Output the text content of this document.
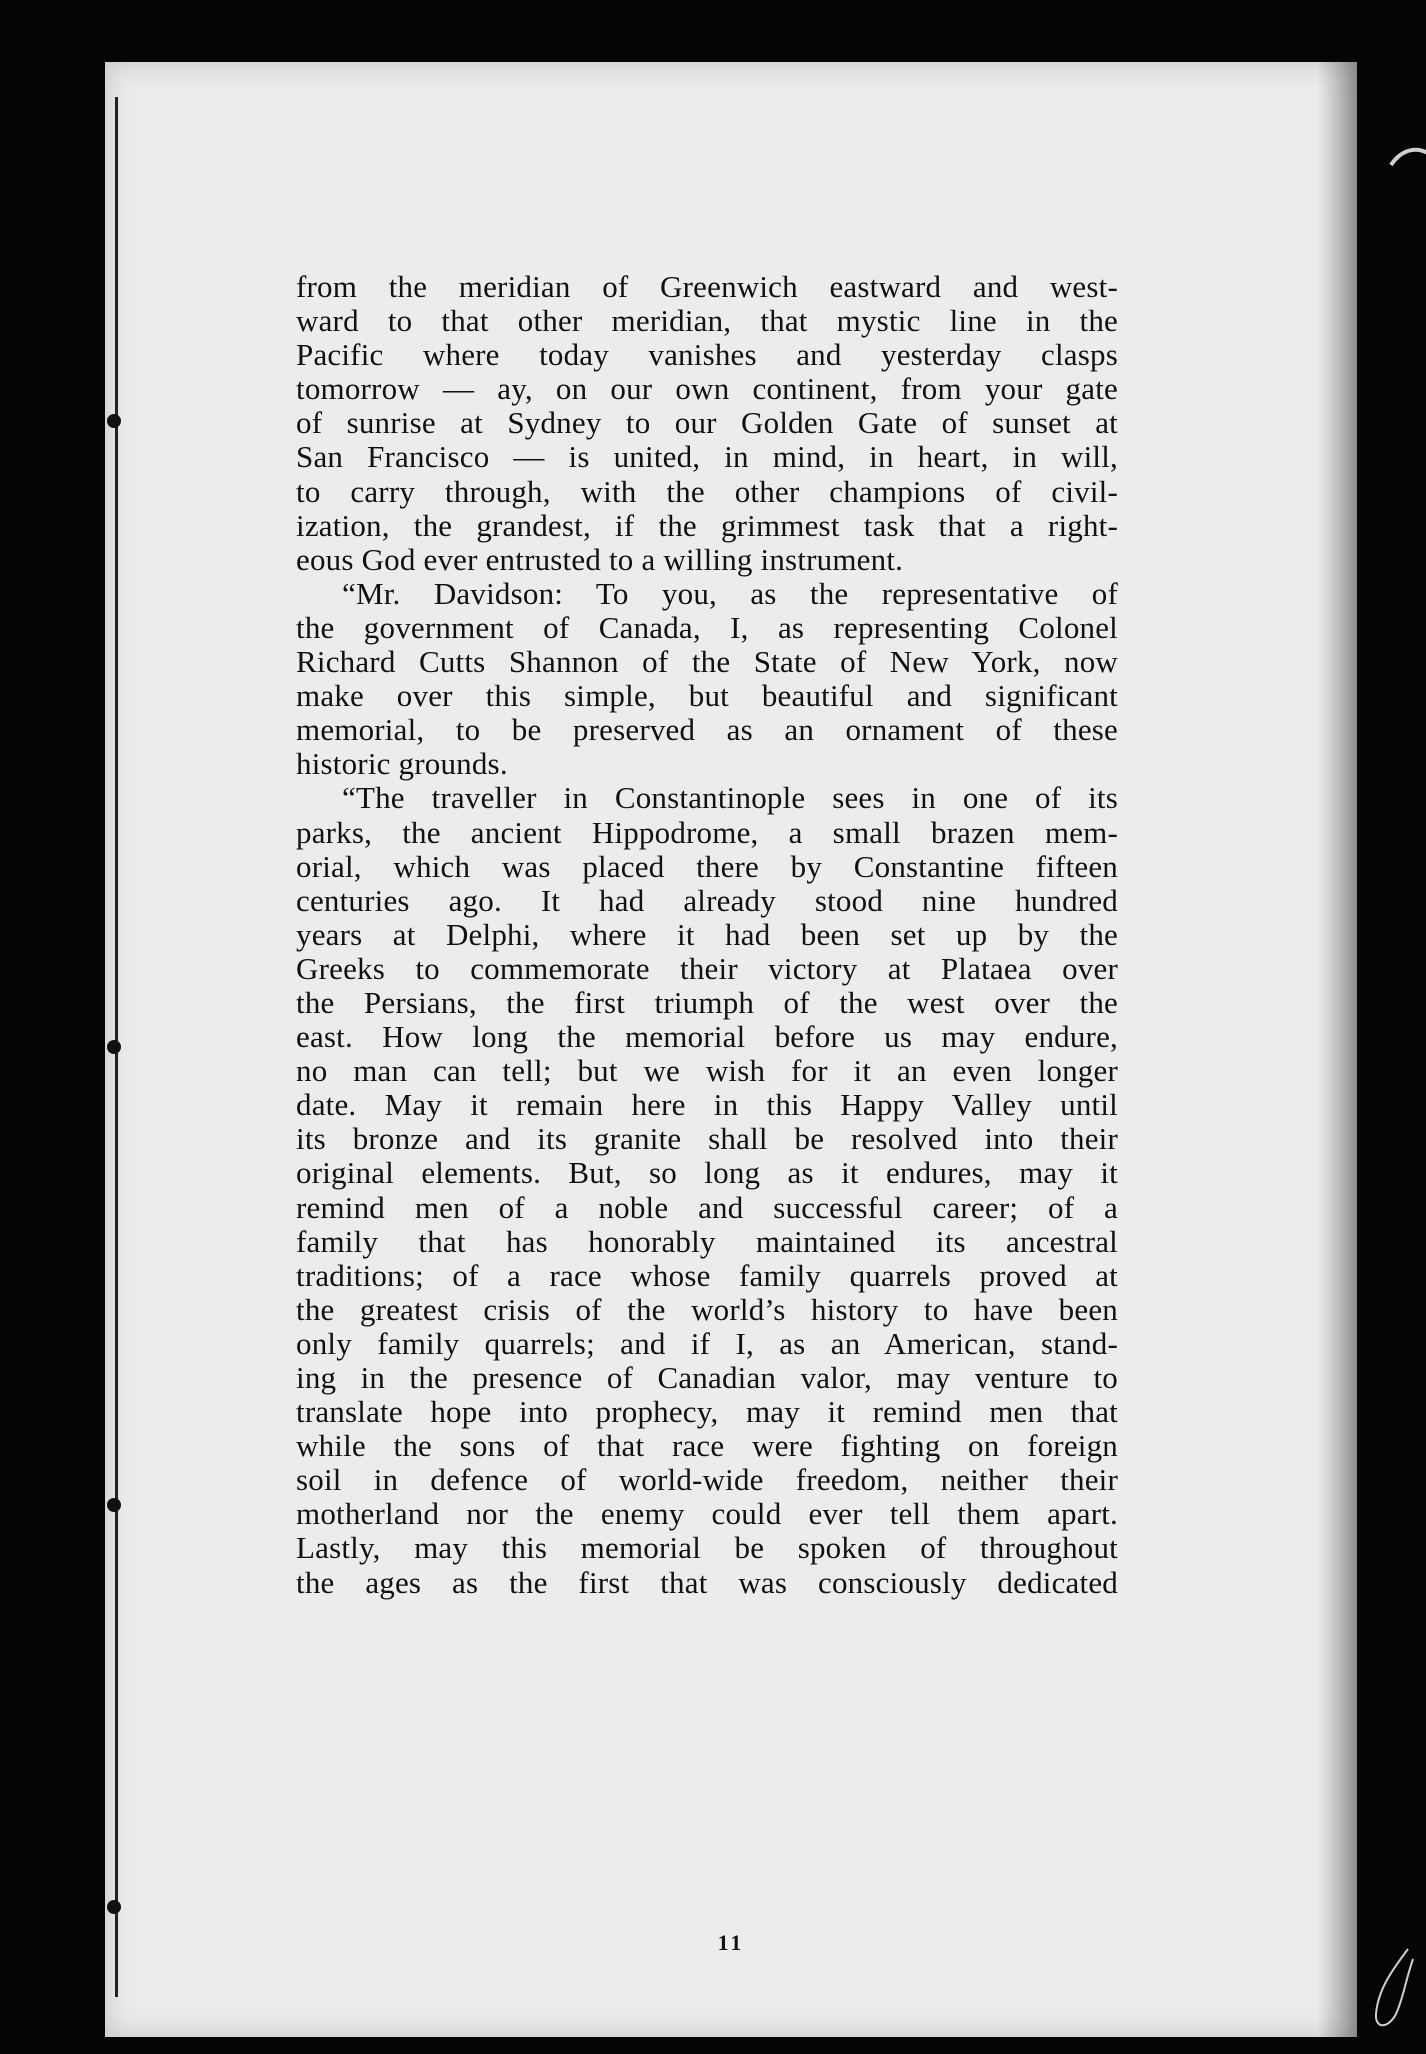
from the meridian of Greenwich eastward and west-
ward to that other meridian, that mystic line in the
Pacific where today vanishes and yesterday clasps
tomorrow — ay, on our own continent, from your gate
of sunrise at Sydney to our Golden Gate of sunset at
San Francisco — is united, in mind, in heart, in will,
to carry through, with the other champions of civil-
ization, the grandest, if the grimmest task that a right-
eous God ever entrusted to a willing instrument.
“Mr. Davidson: To you, as the representative of
the government of Canada, I, as representing Colonel
Richard Cutts Shannon of the State of New York, now
make over this simple, but beautiful and significant
memorial, to be preserved as an ornament of these
historic grounds.
“The traveller in Constantinople sees in one of its
parks, the ancient Hippodrome, a small brazen mem-
orial, which was placed there by Constantine fifteen
centuries ago. It had already stood nine hundred
years at Delphi, where it had been set up by the
Greeks to commemorate their victory at Plataea over
the Persians, the first triumph of the west over the
east. How long the memorial before us may endure,
no man can tell; but we wish for it an even longer
date. May it remain here in this Happy Valley until
its bronze and its granite shall be resolved into their
original elements. But, so long as it endures, may it
remind men of a noble and successful career; of a
family that has honorably maintained its ancestral
traditions; of a race whose family quarrels proved at
the greatest crisis of the world’s history to have been
only family quarrels; and if I, as an American, stand-
ing in the presence of Canadian valor, may venture to
translate hope into prophecy, may it remind men that
while the sons of that race were fighting on foreign
soil in defence of world-wide freedom, neither their
motherland nor the enemy could ever tell them apart.
Lastly, may this memorial be spoken of throughout
the ages as the first that was consciously dedicated
11
